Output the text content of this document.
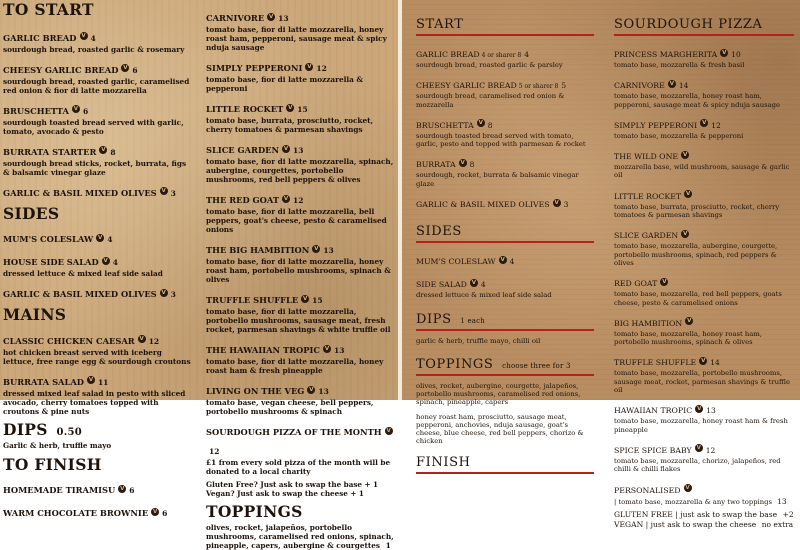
TO START
GARLIC BREAD V 4
sourdough bread, roasted garlic & rosemary
CHEESY GARLIC BREAD V 6
sourdough bread, roasted garlic, caramelised red onion & fior di latte mozzarella
BRUSCHETTA V 6
sourdough toasted bread served with garlic, tomato, avocado & pesto
BURRATA STARTER V 8
sourdough bread sticks, rocket, burrata, figs & balsamic vinegar glaze
GARLIC & BASIL MIXED OLIVES V 3
SIDES
MUM'S COLESLAW V 4
HOUSE SIDE SALAD V 4
dressed lettuce & mixed leaf side salad
GARLIC & BASIL MIXED OLIVES V 3
MAINS
CLASSIC CHICKEN CAESAR V 12
hot chicken breast served with iceberg lettuce, free range egg & sourdough croutons
BURRATA SALAD V 11
dressed mixed leaf salad in pesto with sliced avocado, cherry tomatoes topped with croutons & pine nuts
DIPS 0.50
Garlic & herb, truffle mayo
TO FINISH
HOMEMADE TIRAMISU V 6
WARM CHOCOLATE BROWNIE V 6
CARNIVORE V 13
tomato base, fior di latte mozzarella, honey roast ham, pepperoni, sausage meat & spicy nduja sausage
SIMPLY PEPPERONI V 12
tomato base, fior di latte mozzarella & pepperoni
LITTLE ROCKET V 15
tomato base, burrata, prosciutto, rocket, cherry tomatoes & parmesan shavings
SLICE GARDEN V 13
tomato base, fior di latte mozzarella, spinach, aubergine, courgettes, portobello mushrooms, red bell peppers & olives
THE RED GOAT V 12
tomato base, fior di latte mozzarella, bell peppers, goat's cheese, pesto & caramelised onions
THE BIG HAMBITION V 13
tomato base, fior di latte mozzarella, honey roast ham, portobello mushrooms, spinach & olives
TRUFFLE SHUFFLE V 15
tomato base, fior di latte mozzarella, portobello mushrooms, sausage meat, fresh rocket, parmesan shavings & white truffle oil
THE HAWAIIAN TROPIC V 13
tomato base, fior di latte mozzarella, honey roast ham & fresh pineapple
LIVING ON THE VEG V 13
tomato base, vegan cheese, bell peppers, portobello mushrooms & spinach
SOURDOUGH PIZZA OF THE MONTH V12
£1 from every sold pizza of the month will be donated to a local charity
Gluten Free? Just ask to swap the base + 1
Vegan? Just ask to swap the cheese + 1
TOPPINGS
olives, rocket, jalapeños, portobello mushrooms, caramelised red onions, spinach, pineapple, capers, aubergine & courgettes 1
START
GARLIC BREAD 4 or sharer 8 4
sourdough bread, roasted garlic & parsley
CHEESY GARLIC BREAD 5 or sharer 8 5
sourdough bread, caramelised red onion & mozzarella
BRUSCHETTA V 8
sourdough toasted bread served with tomato, garlic, pesto and topped with parmesan & rocket
BURRATA V 8
sourdough, rocket, burrata & balsamic vinegar glaze
GARLIC & BASIL MIXED OLIVES V 3
SIDES
MUM'S COLESLAW V 4
SIDE SALAD V 4
dressed lettuce & mixed leaf side salad
DIPS 1 each
garlic & herb, truffle mayo, chilli oil
TOPPINGS choose three for 3
olives, rocket, aubergine, courgette, jalapeños, portobello mushrooms, caramelised red onions, spinach, pineapple, capers
honey roast ham, prosciutto, sausage meat, pepperoni, anchovies, nduja sausage, goat's cheese, blue cheese, red bell peppers, chorizo & chicken
FINISH
SOURDOUGH PIZZA
PRINCESS MARGHERITA V 10
tomato base, mozzarella & fresh basil
CARNIVORE V 14
tomato base, mozzarella, honey roast ham, pepperoni, sausage meat & spicy nduja sausage
SIMPLY PEPPERONI V 12
tomato base, mozzarella & pepperoni
THE WILD ONE V
mozzarella base, wild mushroom, sausage & garlic oil
LITTLE ROCKET V
tomato base, burrata, prosciutto, rocket, cherry tomatoes & parmesan shavings
SLICE GARDEN V
tomato base, mozzarella, aubergine, courgette, portobello mushrooms, spinach, red peppers & olives
RED GOAT V
tomato base, mozzarella, red bell peppers, goats cheese, pesto & caramelised onions
BIG HAMBITION V
tomato base, mozzarella, honey roast ham, portobello mushrooms, spinach & olives
TRUFFLE SHUFFLE V 14
tomato base, mozzarella, portobello mushrooms, sausage meat, rocket, parmesan shavings & truffle oil
HAWAIIAN TROPIC V 13
tomato base, mozzarella, honey roast ham & fresh pineapple
SPICE SPICE BABY V 12
tomato base, mozzarella, chorizo, jalapeños, red chilli & chilli flakes
PERSONALISED V
| tomato base, mozzarella & any two toppings 13
GLUTEN FREE | just ask to swap the base +2
VEGAN | just ask to swap the cheese no extra
